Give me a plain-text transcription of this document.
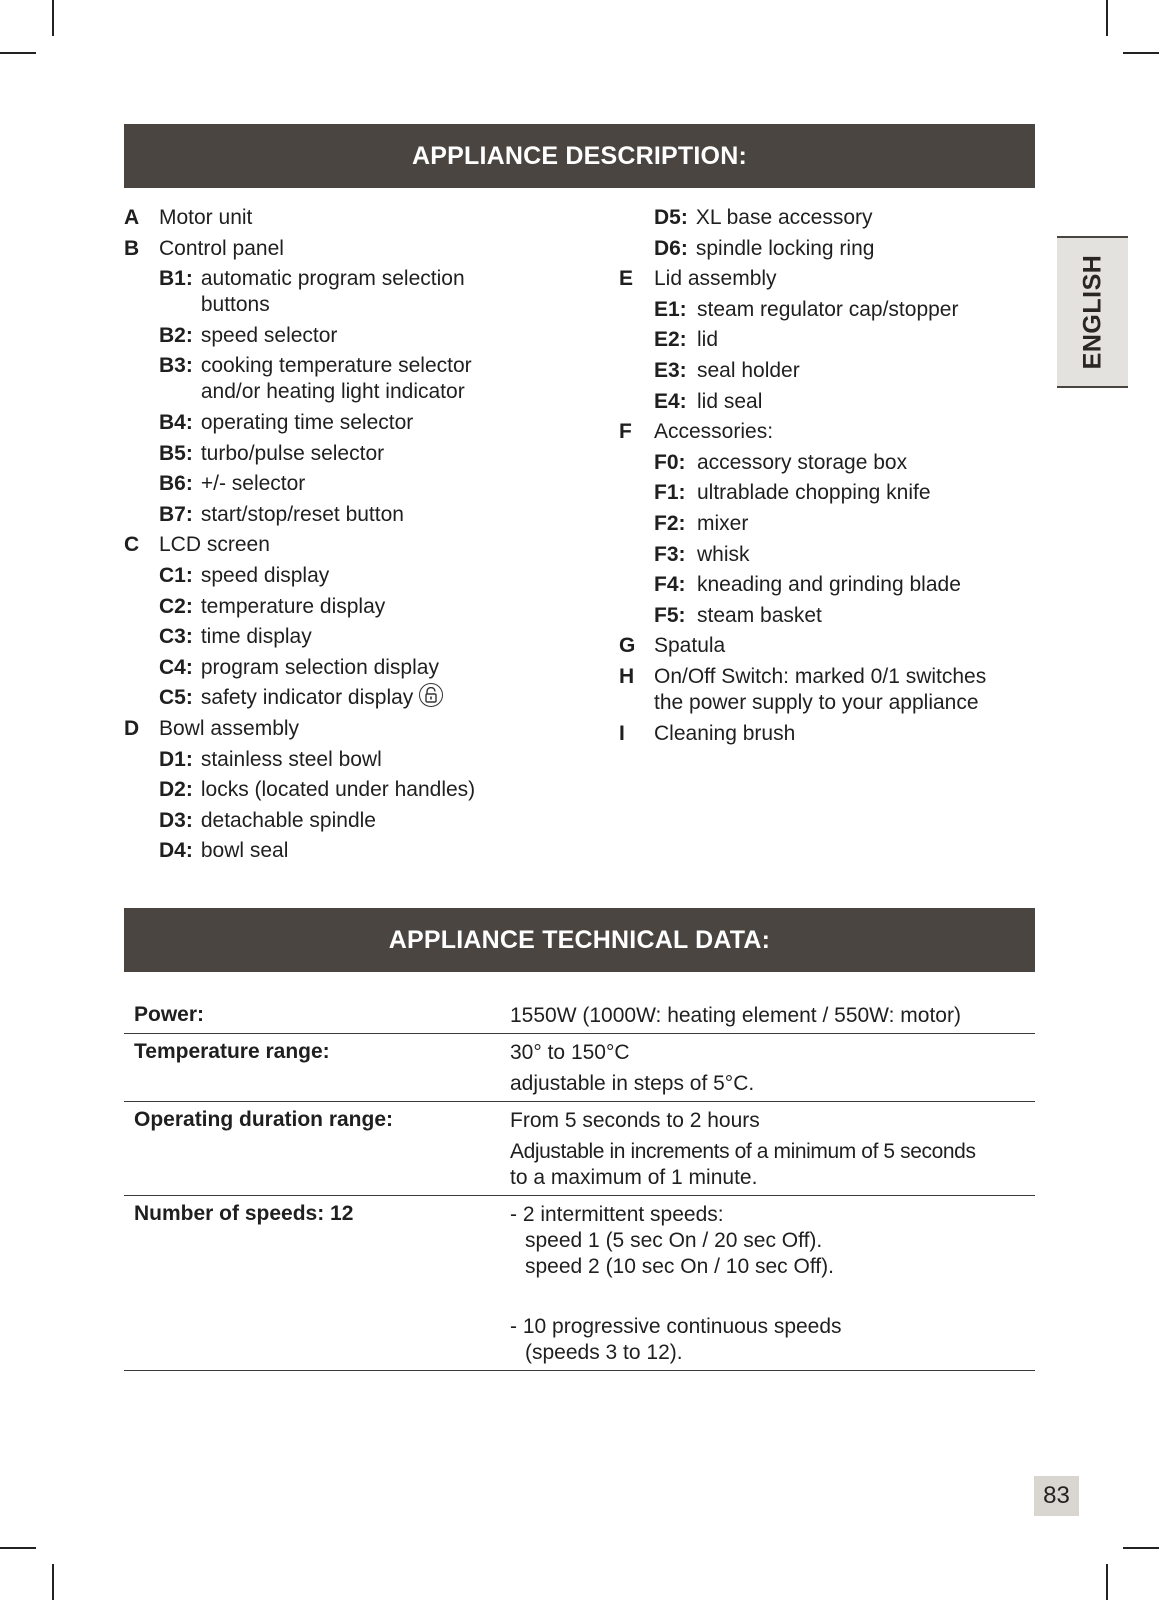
APPLIANCE DESCRIPTION:
A Motor unit
B Control panel
B1: automatic program selection
buttons
B2: speed selector
B3: cooking temperature selector
and/or heating light indicator
B4: operating time selector
B5: turbo/pulse selector
B6: +/- selector
B7: start/stop/reset button
C LCD screen
C1: speed display
C2: temperature display
C3: time display
C4: program selection display
C5: safety indicator display
D Bowl assembly
D1: stainless steel bowl
D2: locks (located under handles)
D3: detachable spindle
D4: bowl seal
D5: XL base accessory
D6: spindle locking ring
E Lid assembly
E1: steam regulator cap/stopper
E2: lid
E3: seal holder
E4: lid seal
F	Accessories:
F0: accessory storage box
F1: ultrablade chopping knife
F2: mixer
F3: whisk
F4: kneading and grinding blade
F5: steam basket
G Spatula
H On/Off Switch: marked 0/1 switches
the power supply to your appliance
I	Cleaning brush
ENGLISH
APPLIANCE TECHNICAL DATA:
Power:	1550W (1000W: heating element / 550W: motor)

Temperature range:	30° to 150°C
adjustable in steps of 5°C.

Operating duration range:	From 5 seconds to 2 hours
Adjustable in increments of a minimum of 5 seconds
to a maximum of 1 minute.

Number of speeds: 12	- 2 intermittent speeds:
speed 1 (5 sec On / 20 sec Off).
speed 2 (10 sec On / 10 sec Off).
- 10 progressive continuous speeds
(speeds 3 to 12).
83
